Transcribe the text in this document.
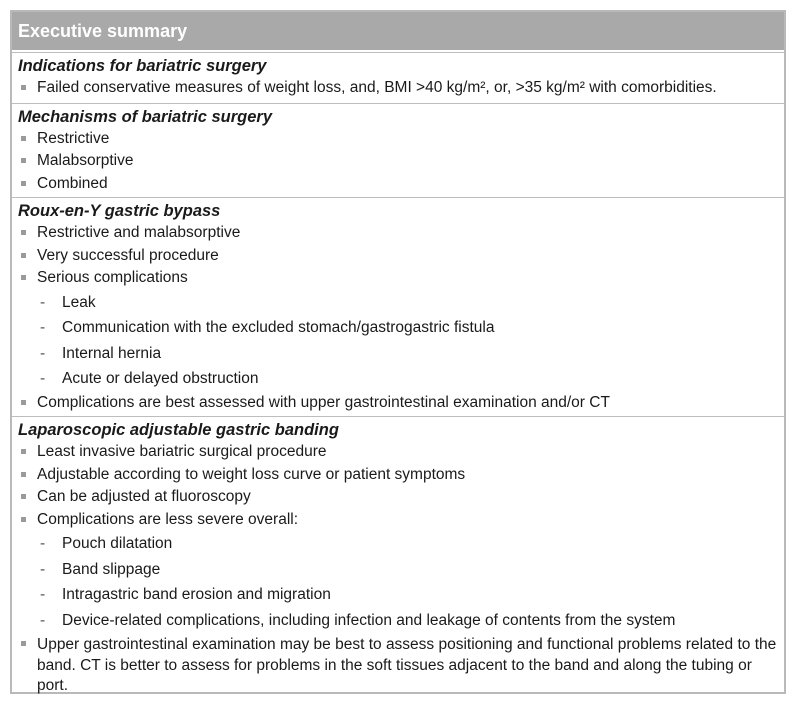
Executive summary
Indications for bariatric surgery
Failed conservative measures of weight loss, and, BMI >40 kg/m², or, >35 kg/m² with comorbidities.
Mechanisms of bariatric surgery
Restrictive
Malabsorptive
Combined
Roux-en-Y gastric bypass
Restrictive and malabsorptive
Very successful procedure
Serious complications
- Leak
- Communication with the excluded stomach/gastrogastric fistula
- Internal hernia
- Acute or delayed obstruction
Complications are best assessed with upper gastrointestinal examination and/or CT
Laparoscopic adjustable gastric banding
Least invasive bariatric surgical procedure
Adjustable according to weight loss curve or patient symptoms
Can be adjusted at fluoroscopy
Complications are less severe overall:
- Pouch dilatation
- Band slippage
- Intragastric band erosion and migration
- Device-related complications, including infection and leakage of contents from the system
Upper gastrointestinal examination may be best to assess positioning and functional problems related to the band. CT is better to assess for problems in the soft tissues adjacent to the band and along the tubing or port.
